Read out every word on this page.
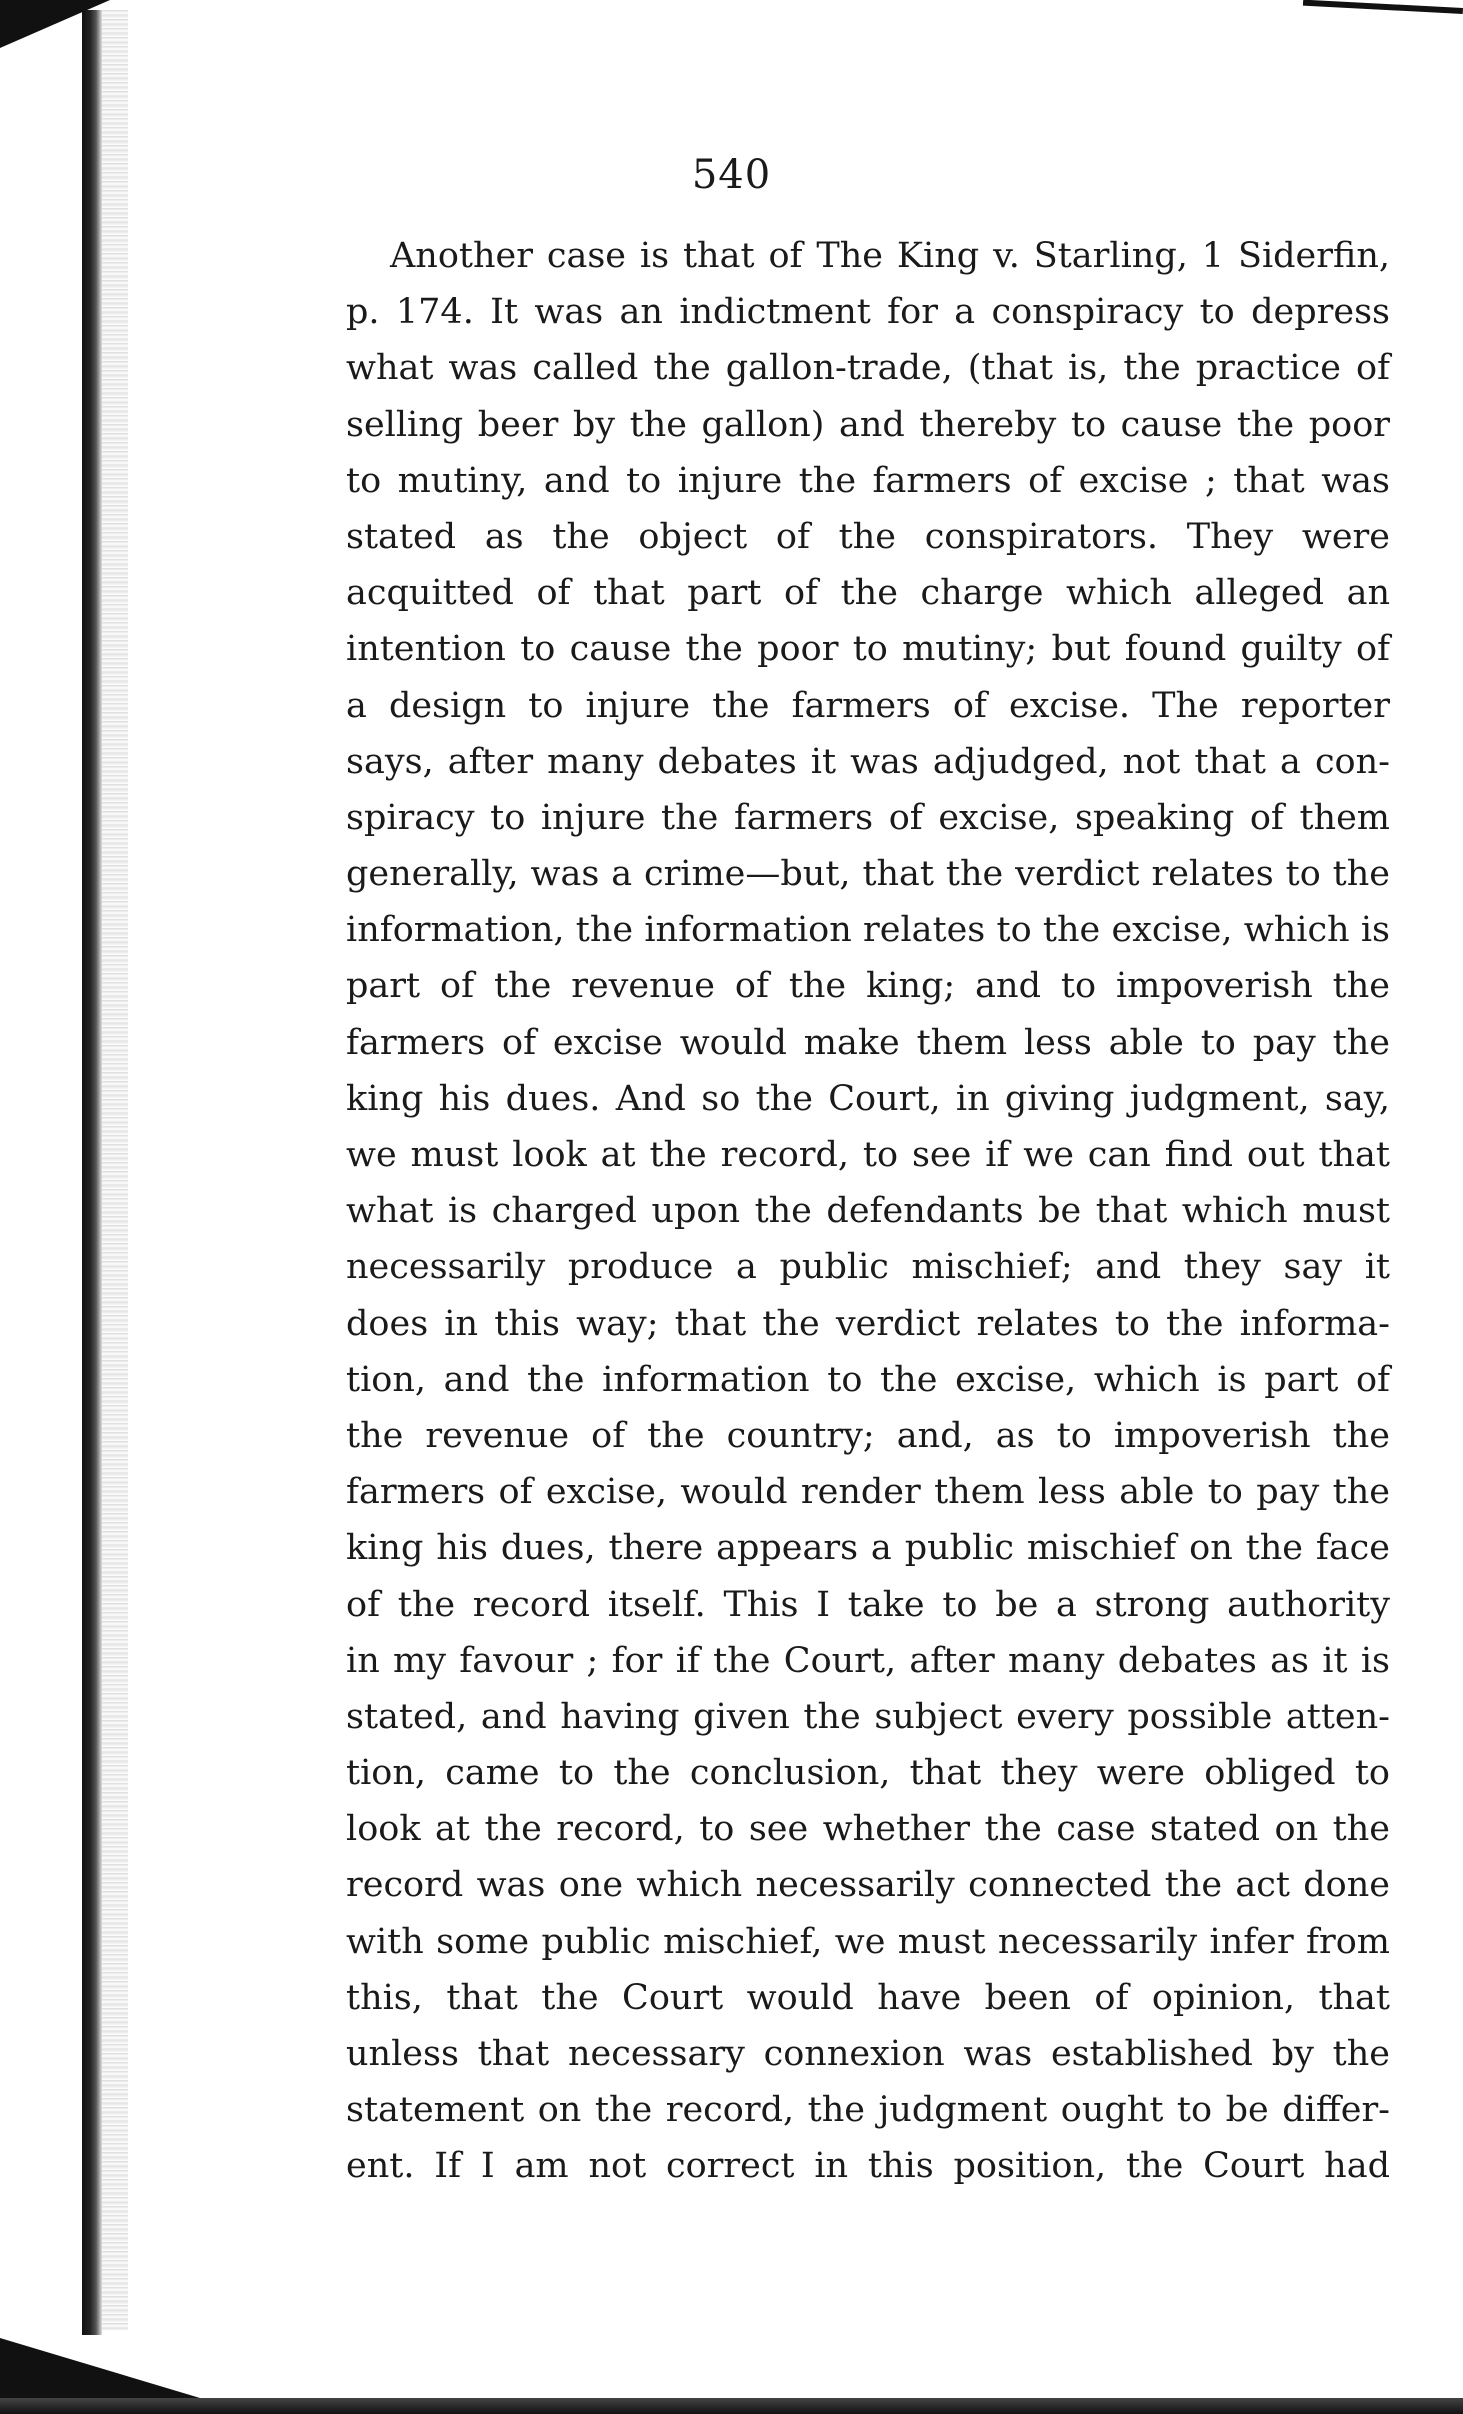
540
Another case is that of The King v. Starling, 1 Siderfin,
p. 174. It was an indictment for a conspiracy to depress
what was called the gallon-trade, (that is, the practice of
selling beer by the gallon) and thereby to cause the poor
to mutiny, and to injure the farmers of excise ; that was
stated as the object of the conspirators. They were
acquitted of that part of the charge which alleged an
intention to cause the poor to mutiny; but found guilty of
a design to injure the farmers of excise. The reporter
says, after many debates it was adjudged, not that a con-
spiracy to injure the farmers of excise, speaking of them
generally, was a crime—but, that the verdict relates to the
information, the information relates to the excise, which is
part of the revenue of the king; and to impoverish the
farmers of excise would make them less able to pay the
king his dues. And so the Court, in giving judgment, say,
we must look at the record, to see if we can find out that
what is charged upon the defendants be that which must
necessarily produce a public mischief; and they say it
does in this way; that the verdict relates to the informa-
tion, and the information to the excise, which is part of
the revenue of the country; and, as to impoverish the
farmers of excise, would render them less able to pay the
king his dues, there appears a public mischief on the face
of the record itself. This I take to be a strong authority
in my favour ; for if the Court, after many debates as it is
stated, and having given the subject every possible atten-
tion, came to the conclusion, that they were obliged to
look at the record, to see whether the case stated on the
record was one which necessarily connected the act done
with some public mischief, we must necessarily infer from
this, that the Court would have been of opinion, that
unless that necessary connexion was established by the
statement on the record, the judgment ought to be differ-
ent. If I am not correct in this position, the Court had
